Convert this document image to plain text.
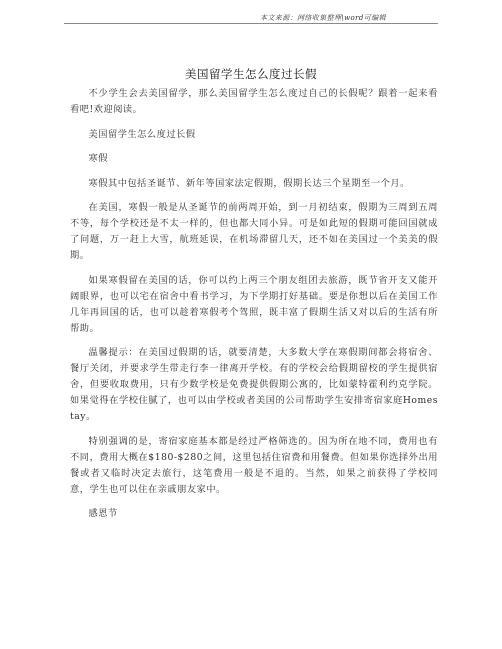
本文来源：网络收集整理\word可编辑
美国留学生怎么度过长假

不少学生会去美国留学，那么美国留学生怎么度过自己的长假呢？跟着一起来看看吧!欢迎阅读。

美国留学生怎么度过长假

寒假

寒假其中包括圣诞节、新年等国家法定假期，假期长达三个星期至一个月。

在美国，寒假一般是从圣诞节的前两周开始，到一月初结束，假期为三周到五周不等，每个学校还是不太一样的，但也都大同小异。可是如此短的假期可能回国就成了问题，万一赶上大雪，航班延误，在机场滞留几天，还不如在美国过一个美美的假期。

如果寒假留在美国的话，你可以约上两三个朋友组团去旅游，既节省开支又能开阔眼界，也可以宅在宿舍中看书学习，为下学期打好基础。要是你想以后在美国工作几年再回国的话，也可以趁着寒假考个驾照，既丰富了假期生活又对以后的生活有所帮助。

温馨提示：在美国过假期的话，就要清楚，大多数大学在寒假期间都会将宿舍、餐厅关闭，并要求学生带走行李一律离开学校。有的学校会给假期留校的学生提供宿舍，但要收取费用，只有少数学校是免费提供假期公寓的，比如蒙特霍利约克学院。如果觉得在学校住腻了，也可以由学校或者美国的公司帮助学生安排寄宿家庭Homestay。

特别强调的是，寄宿家庭基本都是经过严格筛选的。因为所在地不同，费用也有不同，费用大概在$180-$280之间，这里包括住宿费和用餐费。但如果你选择外出用餐或者又临时决定去旅行，这笔费用一般是不退的。当然，如果之前获得了学校同意，学生也可以住在亲戚朋友家中。

感恩节
